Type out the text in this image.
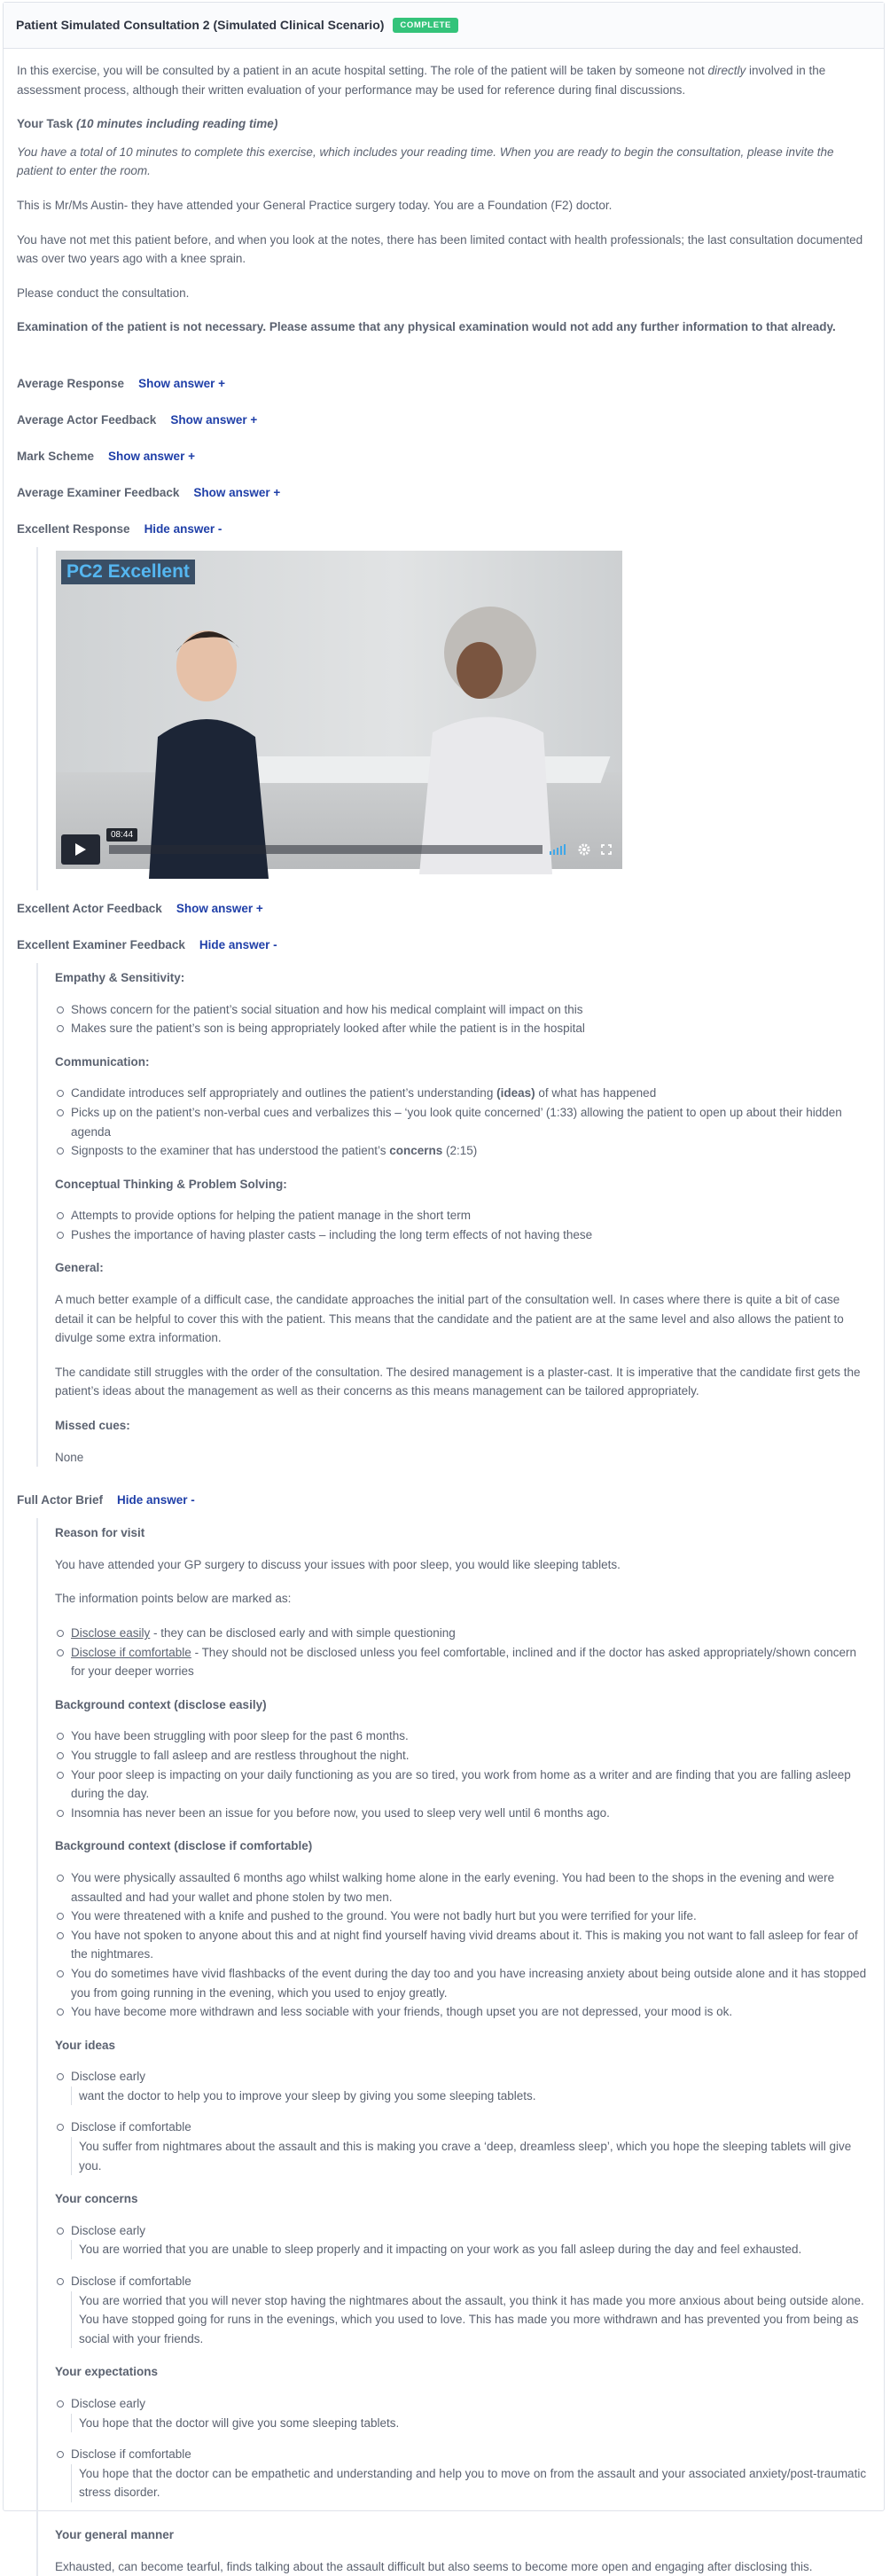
Patient Simulated Consultation 2 (Simulated Clinical Scenario)	COMPLETE

In this exercise, you will be consulted by a patient in an acute hospital setting. The role of the patient will be taken by someone not directly involved in the assessment process, although their written evaluation of your performance may be used for reference during final discussions.

Your Task (10 minutes including reading time)

You have a total of 10 minutes to complete this exercise, which includes your reading time. When you are ready to begin the consultation, please invite the patient to enter the room.

This is Mr/Ms Austin- they have attended your General Practice surgery today. You are a Foundation (F2) doctor.

You have not met this patient before, and when you look at the notes, there has been limited contact with health professionals; the last consultation documented was over two years ago with a knee sprain.

Please conduct the consultation.

Examination of the patient is not necessary. Please assume that any physical examination would not add any further information to that already.

Average Response Show answer +
Average Actor Feedback Show answer +
Mark Scheme Show answer +
Average Examiner Feedback Show answer +
Excellent Response Hide answer -
PC2 Excellent
08:44
Excellent Actor Feedback Show answer +
Excellent Examiner Feedback Hide answer -
Empathy & Sensitivity:
Shows concern for the patient’s social situation and how his medical complaint will impact on this
Makes sure the patient’s son is being appropriately looked after while the patient is in the hospital
Communication:
Candidate introduces self appropriately and outlines the patient’s understanding (ideas) of what has happened
Picks up on the patient’s non-verbal cues and verbalizes this – ‘you look quite concerned’ (1:33) allowing the patient to open up about their hidden agenda
Signposts to the examiner that has understood the patient’s concerns (2:15)
Conceptual Thinking & Problem Solving:
Attempts to provide options for helping the patient manage in the short term
Pushes the importance of having plaster casts – including the long term effects of not having these
General:

A much better example of a difficult case, the candidate approaches the initial part of the consultation well. In cases where there is quite a bit of case detail it can be helpful to cover this with the patient. This means that the candidate and the patient are at the same level and also allows the patient to divulge some extra information.

The candidate still struggles with the order of the consultation. The desired management is a plaster-cast. It is imperative that the candidate first gets the patient’s ideas about the management as well as their concerns as this means management can be tailored appropriately.

Missed cues:

None

Full Actor Brief Hide answer -
Reason for visit

You have attended your GP surgery to discuss your issues with poor sleep, you would like sleeping tablets.

The information points below are marked as:

Disclose easily - they can be disclosed early and with simple questioning
Disclose if comfortable - They should not be disclosed unless you feel comfortable, inclined and if the doctor has asked appropriately/shown concern for your deeper worries
Background context (disclose easily)
You have been struggling with poor sleep for the past 6 months.
You struggle to fall asleep and are restless throughout the night.
Your poor sleep is impacting on your daily functioning as you are so tired, you work from home as a writer and are finding that you are falling asleep during the day.
Insomnia has never been an issue for you before now, you used to sleep very well until 6 months ago.
Background context (disclose if comfortable)
You were physically assaulted 6 months ago whilst walking home alone in the early evening. You had been to the shops in the evening and were assaulted and had your wallet and phone stolen by two men.
You were threatened with a knife and pushed to the ground. You were not badly hurt but you were terrified for your life.
You have not spoken to anyone about this and at night find yourself having vivid dreams about it. This is making you not want to fall asleep for fear of the nightmares.
You do sometimes have vivid flashbacks of the event during the day too and you have increasing anxiety about being outside alone and it has stopped you from going running in the evening, which you used to enjoy greatly.
You have become more withdrawn and less sociable with your friends, though upset you are not depressed, your mood is ok.
Your ideas
Disclose early
want the doctor to help you to improve your sleep by giving you some sleeping tablets.
Disclose if comfortable
You suffer from nightmares about the assault and this is making you crave a ‘deep, dreamless sleep’, which you hope the sleeping tablets will give you.
Your concerns
Disclose early
You are worried that you are unable to sleep properly and it impacting on your work as you fall asleep during the day and feel exhausted.
Disclose if comfortable
You are worried that you will never stop having the nightmares about the assault, you think it has made you more anxious about being outside alone. You have stopped going for runs in the evenings, which you used to love. This has made you more withdrawn and has prevented you from being as social with your friends.
Your expectations
Disclose early
You hope that the doctor will give you some sleeping tablets.
Disclose if comfortable
You hope that the doctor can be empathetic and understanding and help you to move on from the assault and your associated anxiety/post-traumatic stress disorder.
Your general manner

Exhausted, can become tearful, finds talking about the assault difficult but also seems to become more open and engaging after disclosing this.
